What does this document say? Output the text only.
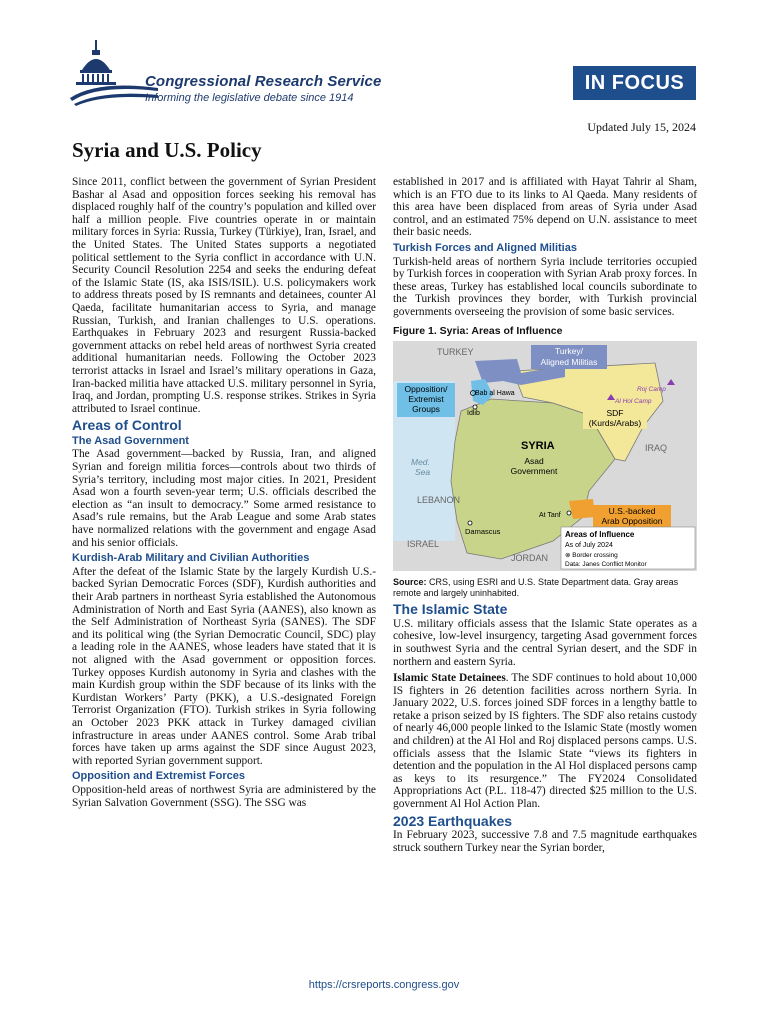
Congressional Research Service
Informing the legislative debate since 1914
IN FOCUS
Updated July 15, 2024
Syria and U.S. Policy

Since 2011, conflict between the government of Syrian President Bashar al Asad and opposition forces seeking his removal has displaced roughly half of the country’s population and killed over half a million people. Five countries operate in or maintain military forces in Syria: Russia, Turkey (Türkiye), Iran, Israel, and the United States. The United States supports a negotiated political settlement to the Syria conflict in accordance with U.N. Security Council Resolution 2254 and seeks the enduring defeat of the Islamic State (IS, aka ISIS/ISIL). U.S. policymakers work to address threats posed by IS remnants and detainees, counter Al Qaeda, facilitate humanitarian access to Syria, and manage Russian, Turkish, and Iranian challenges to U.S. operations. Earthquakes in February 2023 and resurgent Russia-backed government attacks on rebel held areas of northwest Syria created additional humanitarian needs. Following the October 2023 terrorist attacks in Israel and Israel’s military operations in Gaza, Iran-backed militia have attacked U.S. military personnel in Syria, Iraq, and Jordan, prompting U.S. response strikes. Strikes in Syria attributed to Israel continue.

Areas of Control
The Asad Government

The Asad government—backed by Russia, Iran, and aligned Syrian and foreign militia forces—controls about two thirds of Syria’s territory, including most major cities. In 2021, President Asad won a fourth seven-year term; U.S. officials described the election as “an insult to democracy.” Some armed resistance to Asad’s rule remains, but the Arab League and some Arab states have normalized relations with the government and engage Asad and his senior officials.

Kurdish-Arab Military and Civilian Authorities

After the defeat of the Islamic State by the largely Kurdish U.S.-backed Syrian Democratic Forces (SDF), Kurdish authorities and their Arab partners in northeast Syria established the Autonomous Administration of North and East Syria (AANES), also known as the Self Administration of Northeast Syria (SANES). The SDF and its political wing (the Syrian Democratic Council, SDC) play a leading role in the AANES, whose leaders have stated that it is not aligned with the Asad government or opposition forces. Turkey opposes Kurdish autonomy in Syria and clashes with the main Kurdish group within the SDF because of its links with the Kurdistan Workers’ Party (PKK), a U.S.-designated Foreign Terrorist Organization (FTO). Turkish strikes in Syria following an October 2023 PKK attack in Turkey damaged civilian infrastructure in areas under AANES control. Some Arab tribal forces have taken up arms against the SDF since August 2023, with reported Syrian government support.

Opposition and Extremist Forces

Opposition-held areas of northwest Syria are administered by the Syrian Salvation Government (SSG). The SSG was

established in 2017 and is affiliated with Hayat Tahrir al Sham, which is an FTO due to its links to Al Qaeda. Many residents of this area have been displaced from areas of Syria under Asad control, and an estimated 75% depend on U.N. assistance to meet their basic needs.

Turkish Forces and Aligned Militias

Turkish-held areas of northern Syria include territories occupied by Turkish forces in cooperation with Syrian Arab proxy forces. In these areas, Turkey has established local councils subordinate to the Turkish provinces they border, with Turkish provincial governments overseeing the provision of some basic services.

Figure 1. Syria: Areas of Influence
Turkey/
Aligned Militias
Opposition/
Extremist
Groups	SDF
(Kurds/Arabs)
Asad
Government
U.S.-backed
Arab Opposition
TURKEY
Bab al Hawa
Idlib
Roj Camp
Al Hol Camp
SYRIA	IRAQ
Med.
Sea
LEBANON
At Tanf
Damascus
ISRAEL
JORDAN
Areas of Influence
As of July 2024
⊗ Border crossing
Data: Janes Conflict Monitor
Source: CRS, using ESRI and U.S. State Department data. Gray areas remote and largely uninhabited.
The Islamic State

U.S. military officials assess that the Islamic State operates as a cohesive, low-level insurgency, targeting Asad government forces in southwest Syria and the central Syrian desert, and the SDF in northern and eastern Syria.

Islamic State Detainees. The SDF continues to hold about 10,000 IS fighters in 26 detention facilities across northern Syria. In January 2022, U.S. forces joined SDF forces in a lengthy battle to retake a prison seized by IS fighters. The SDF also retains custody of nearly 46,000 people linked to the Islamic State (mostly women and children) at the Al Hol and Roj displaced persons camps. U.S. officials assess that the Islamic State “views its fighters in detention and the population in the Al Hol displaced persons camp as keys to its resurgence.” The FY2024 Consolidated Appropriations Act (P.L. 118-47) directed $25 million to the U.S. government Al Hol Action Plan.

2023 Earthquakes

In February 2023, successive 7.8 and 7.5 magnitude earthquakes struck southern Turkey near the Syrian border,

https://crsreports.congress.gov
